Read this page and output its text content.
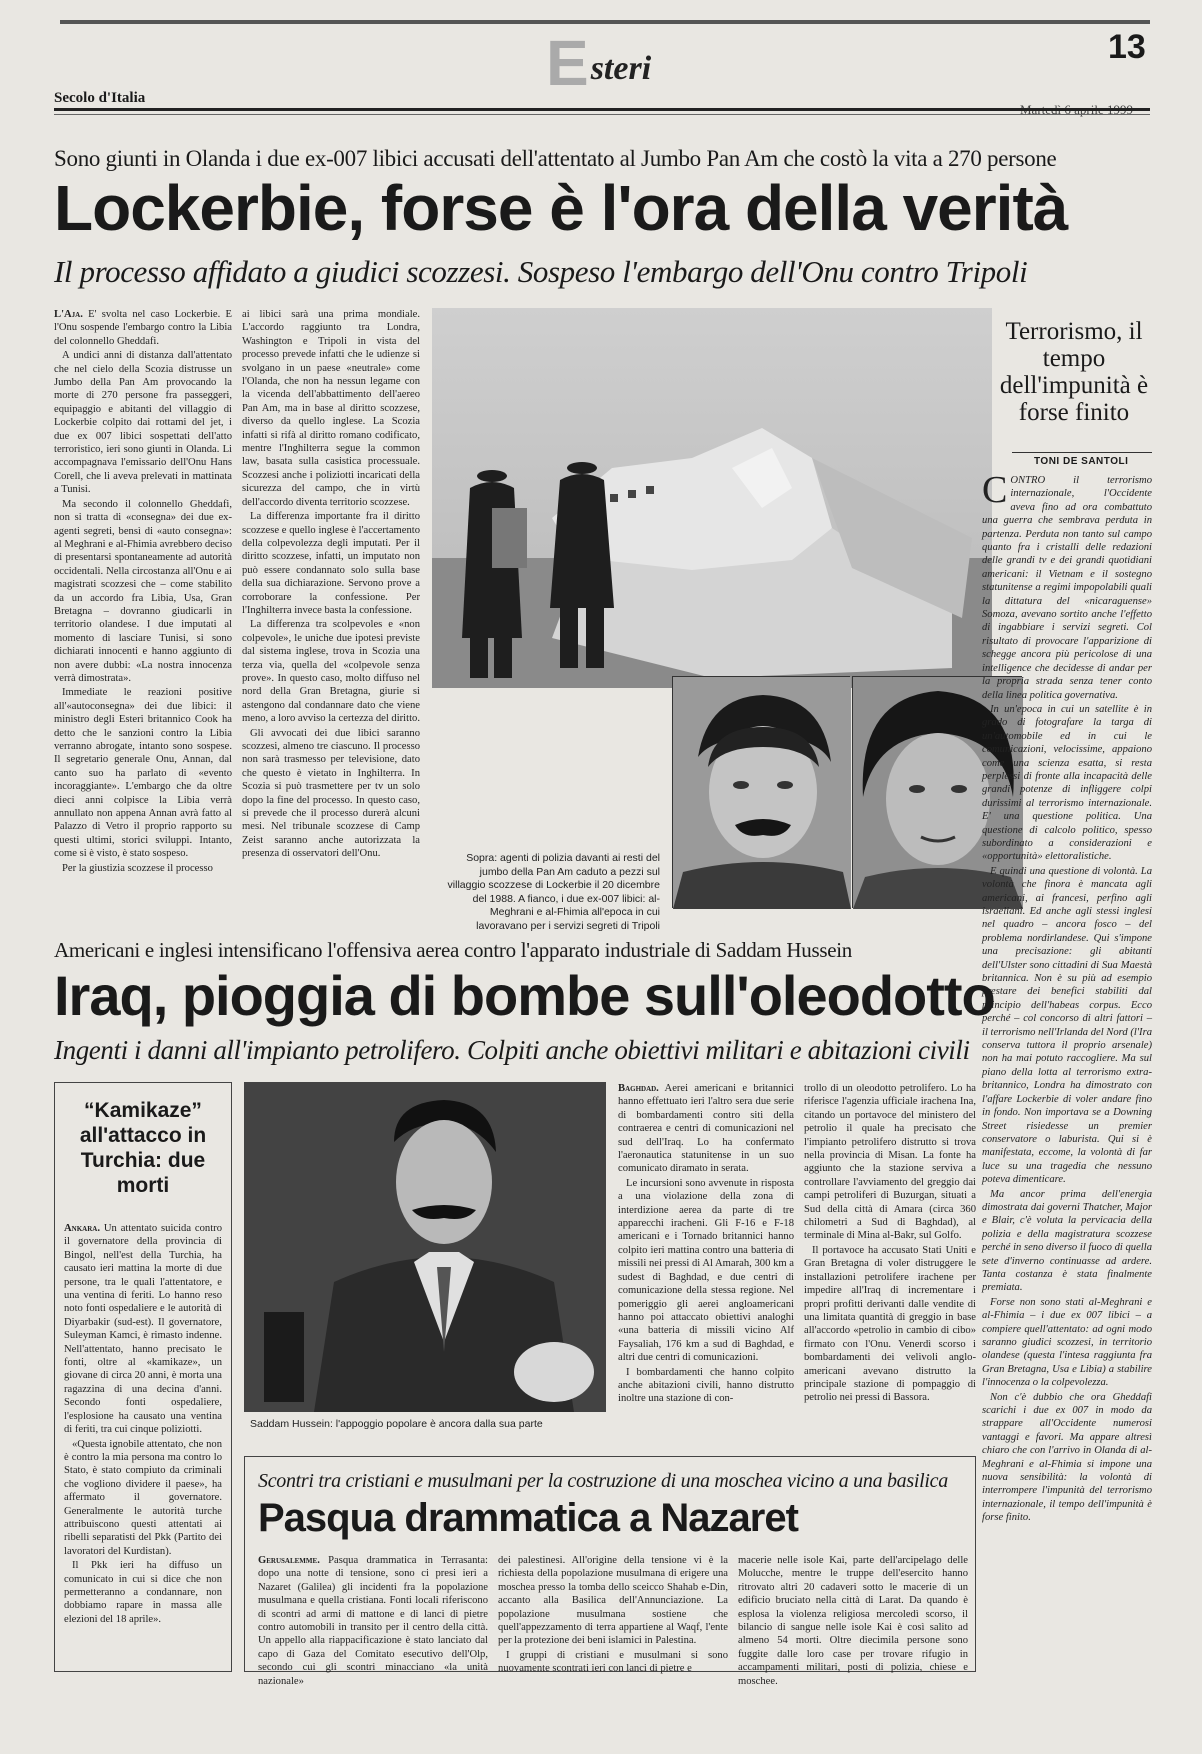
E steri
13
Secolo d'Italia
Sono giunti in Olanda i due ex-007 libici accusati dell'attentato al Jumbo Pan Am che costò la vita a 270 persone
Lockerbie, forse è l'ora della verità
Il processo affidato a giudici scozzesi. Sospeso l'embargo dell'Onu contro Tripoli

L'Aja. E' svolta nel caso Lockerbie. E l'Onu sospende l'embargo contro la Libia del colonnello Gheddafi.

A undici anni di distanza dall'attentato che nel cielo della Scozia distrusse un Jumbo della Pan Am provocando la morte di 270 persone fra passeggeri, equipaggio e abitanti del villaggio di Lockerbie colpito dai rottami del jet, i due ex 007 libici sospettati dell'atto terroristico, ieri sono giunti in Olanda. Li accompagnava l'emissario dell'Onu Hans Corell, che li aveva prelevati in mattinata a Tunisi.

Ma secondo il colonnello Gheddafi, non si tratta di «consegna» dei due ex-agenti segreti, bensì di «auto consegna»: al Meghrani e al-Fhimia avrebbero deciso di presentarsi spontaneamente ad autorità occidentali. Nella circostanza all'Onu e ai magistrati scozzesi che – come stabilito da un accordo fra Libia, Usa, Gran Bretagna – dovranno giudicarli in territorio olandese. I due imputati al momento di lasciare Tunisi, si sono dichiarati innocenti e hanno aggiunto di non avere dubbi: «La nostra innocenza verrà dimostrata».

Immediate le reazioni positive all'«autoconsegna» dei due libici: il ministro degli Esteri britannico Cook ha detto che le sanzioni contro la Libia verranno abrogate, intanto sono sospese. Il segretario generale Onu, Annan, dal canto suo ha parlato di «evento incoraggiante». L'embargo che da oltre dieci anni colpisce la Libia verrà annullato non appena Annan avrà fatto al Palazzo di Vetro il proprio rapporto su questi ultimi, storici sviluppi. Intanto, come si è visto, è stato sospeso.

Per la giustizia scozzese il processo

ai libici sarà una prima mondiale. L'accordo raggiunto tra Londra, Washington e Tripoli in vista del processo prevede infatti che le udienze si svolgano in un paese «neutrale» come l'Olanda, che non ha nessun legame con la vicenda dell'abbattimento dell'aereo Pan Am, ma in base al diritto scozzese, diverso da quello inglese. La Scozia infatti si rifà al diritto romano codificato, mentre l'Inghilterra segue la common law, basata sulla casistica processuale. Scozzesi anche i poliziotti incaricati della sicurezza del campo, che in virtù dell'accordo diventa territorio scozzese.

La differenza importante fra il diritto scozzese e quello inglese è l'accertamento della colpevolezza degli imputati. Per il diritto scozzese, infatti, un imputato non può essere condannato solo sulla base della sua dichiarazione. Servono prove a corroborare la confessione. Per l'Inghilterra invece basta la confessione.

La differenza tra scolpevoles e «non colpevole», le uniche due ipotesi previste dal sistema inglese, trova in Scozia una terza via, quella del «colpevole senza prove». In questo caso, molto diffuso nel nord della Gran Bretagna, giurie si astengono dal condannare dato che viene meno, a loro avviso la certezza del diritto.

Gli avvocati dei due libici saranno scozzesi, almeno tre ciascuno. Il processo non sarà trasmesso per televisione, dato che questo è vietato in Inghilterra. In Scozia si può trasmettere per tv un solo dopo la fine del processo. In questo caso, si prevede che il processo durerà alcuni mesi. Nel tribunale scozzese di Camp Zeist saranno anche autorizzata la presenza di osservatori dell'Onu.	Sopra: agenti di polizia davanti ai resti del jumbo della Pan Am caduto a pezzi sul villaggio scozzese di Lockerbie il 20 dicembre del 1988. A fianco, i due ex-007 libici: al-Meghrani e al-Fhimia all'epoca in cui lavoravano per i servizi segreti di Tripoli
Terrorismo, il tempo dell'impunità è forse finito
TONI DE SANTOLI

CONTRO il terrorismo internazionale, l'Occidente aveva fino ad ora combattuto una guerra che sembrava perduta in partenza. Perduta non tanto sul campo quanto fra i cristalli delle redazioni delle grandi tv e dei grandi quotidiani americani: il Vietnam e il sostegno statunitense a regimi impopolabili quali la dittatura del «nicaraguense» Somoza, avevano sortito anche l'effetto di ingabbiare i servizi segreti. Col risultato di provocare l'apparizione di schegge ancora più pericolose di una intelligence che decidesse di andar per la propria strada senza tener conto della linea politica governativa.

In un'epoca in cui un satellite è in grado di fotografare la targa di un'automobile ed in cui le comunicazioni, velocissime, appaiono come una scienza esatta, si resta perplessi di fronte alla incapacità delle grandi potenze di infliggere colpi durissimi al terrorismo internazionale. E' una questione politica. Una questione di calcolo politico, spesso subordinato a considerazioni e «opportunità» elettoralistiche.

E quindi una questione di volontà. La volontà che finora è mancata agli americani, ai francesi, perfino agli israeliani. Ed anche agli stessi inglesi nel quadro – ancora fosco – del problema nordirlandese. Qui s'impone una precisazione: gli abitanti dell'Ulster sono cittadini di Sua Maestà britannica. Non è su più ad esempio prestare dei benefici stabiliti dal principio dell'habeas corpus. Ecco perché – col concorso di altri fattori – il terrorismo nell'Irlanda del Nord (l'Ira conserva tuttora il proprio arsenale) non ha mai potuto raccogliere. Ma sul piano della lotta al terrorismo extra-britannico, Londra ha dimostrato con l'affare Lockerbie di voler andare fino in fondo. Non importava se a Downing Street risiedesse un premier conservatore o laburista. Qui si è manifestata, eccome, la volontà di far luce su una tragedia che nessuno poteva dimenticare.

Ma ancor prima dell'energia dimostrata dai governi Thatcher, Major e Blair, c'è voluta la pervicacia della polizia e della magistratura scozzese perché in seno diverso il fuoco di quella sete d'inverno continuasse ad ardere. Tanta costanza è stata finalmente premiata.

Forse non sono stati al-Meghrani e al-Fhimia – i due ex 007 libici – a compiere quell'attentato: ad ogni modo saranno giudici scozzesi, in territorio olandese (questa l'intesa raggiunta fra Gran Bretagna, Usa e Libia) a stabilire l'innocenza o la colpevolezza.

Non c'è dubbio che ora Gheddafi scarichi i due ex 007 in modo da strappare all'Occidente numerosi vantaggi e favori. Ma appare altresì chiaro che con l'arrivo in Olanda di al-Meghrani e al-Fhimia si impone una nuova sensibilità: la volontà di interrompere l'impunità del terrorismo internazionale, il tempo dell'impunità è forse finito.

Americani e inglesi intensificano l'offensiva aerea contro l'apparato industriale di Saddam Hussein
Iraq, pioggia di bombe sull'oleodotto
Ingenti i danni all'impianto petrolifero. Colpiti anche obiettivi militari e abitazioni civili
Saddam Hussein: l'appoggio popolare è ancora dalla sua parte

Baghdad. Aerei americani e britannici hanno effettuato ieri l'altro sera due serie di bombardamenti contro siti della contraerea e centri di comunicazioni nel sud dell'Iraq. Lo ha confermato l'aeronautica statunitense in un suo comunicato diramato in serata.

Le incursioni sono avvenute in risposta a una violazione della zona di interdizione aerea da parte di tre apparecchi iracheni. Gli F-16 e F-18 americani e i Tornado britannici hanno colpito ieri mattina contro una batteria di missili nei pressi di Al Amarah, 300 km a sudest di Baghdad, e due centri di comunicazione della stessa regione. Nel pomeriggio gli aerei angloamericani hanno poi attaccato obiettivi analoghi «una batteria di missili vicino Alf Faysaliah, 176 km a sud di Baghdad, e altri due centri di comunicazioni.

I bombardamenti che hanno colpito anche abitazioni civili, hanno distrutto inoltre una stazione di con-

trollo di un oleodotto petrolifero. Lo ha riferisce l'agenzia ufficiale irachena Ina, citando un portavoce del ministero del petrolio il quale ha precisato che l'impianto petrolifero distrutto si trova nella provincia di Misan. La fonte ha aggiunto che la stazione serviva a controllare l'avviamento del greggio dai campi petroliferi di Buzurgan, situati a Sud della città di Amara (circa 360 chilometri a Sud di Baghdad), al terminale di Mina al-Bakr, sul Golfo.

Il portavoce ha accusato Stati Uniti e Gran Bretagna di voler distruggere le installazioni petrolifere irachene per impedire all'Iraq di incrementare i propri profitti derivanti dalle vendite di una limitata quantità di greggio in base all'accordo «petrolio in cambio di cibo» firmato con l'Onu. Venerdì scorso i bombardamenti dei velivoli anglo-americani avevano distrutto la principale stazione di pompaggio di petrolio nei pressi di Bassora.

“Kamikaze” all'attacco in Turchia: due morti

Ankara. Un attentato suicida contro il governatore della provincia di Bingol, nell'est della Turchia, ha causato ieri mattina la morte di due persone, tra le quali l'attentatore, e una ventina di feriti. Lo hanno reso noto fonti ospedaliere e le autorità di Diyarbakir (sud-est). Il governatore, Suleyman Kamci, è rimasto indenne. Nell'attentato, hanno precisato le fonti, oltre al «kamikaze», un giovane di circa 20 anni, è morta una ragazzina di una decina d'anni. Secondo fonti ospedaliere, l'esplosione ha causato una ventina di feriti, tra cui cinque poliziotti.

«Questa ignobile attentato, che non è contro la mia persona ma contro lo Stato, è stato compiuto da criminali che vogliono dividere il paese», ha affermato il governatore. Generalmente le autorità turche attribuiscono questi attentati ai ribelli separatisti del Pkk (Partito dei lavoratori del Kurdistan).

Il Pkk ieri ha diffuso un comunicato in cui si dice che non permetteranno a condannare, non dobbiamo rapare in massa alle elezioni del 18 aprile».

Scontri tra cristiani e musulmani per la costruzione di una moschea vicino a una basilica
Pasqua drammatica a Nazaret

Gerusalemme. Pasqua drammatica in Terrasanta: dopo una notte di tensione, sono ci presi ieri a Nazaret (Galilea) gli incidenti fra la popolazione musulmana e quella cristiana. Fonti locali riferiscono di scontri ad armi di mattone e di lanci di pietre contro automobili in transito per il centro della città. Un appello alla riappacificazione è stato lanciato dal capo di Gaza del Comitato esecutivo dell'Olp, secondo cui gli scontri minacciano «la unità nazionale»

dei palestinesi. All'origine della tensione vi è la richiesta della popolazione musulmana di erigere una moschea presso la tomba dello sceicco Shahab e-Din, accanto alla Basilica dell'Annunciazione. La popolazione musulmana sostiene che quell'appezzamento di terra appartiene al Waqf, l'ente per la protezione dei beni islamici in Palestina.

I gruppi di cristiani e musulmani si sono nuovamente scontrati ieri con lanci di pietre e

macerie nelle isole Kai, parte dell'arcipelago delle Molucche, mentre le truppe dell'esercito hanno ritrovato altri 20 cadaveri sotto le macerie di un edificio bruciato nella città di Larat. Da quando è esplosa la violenza religiosa mercoledì scorso, il bilancio di sangue nelle isole Kai è così salito ad almeno 54 morti. Oltre diecimila persone sono fuggite dalle loro case per trovare rifugio in accampamenti militari, posti di polizia, chiese e moschee.
